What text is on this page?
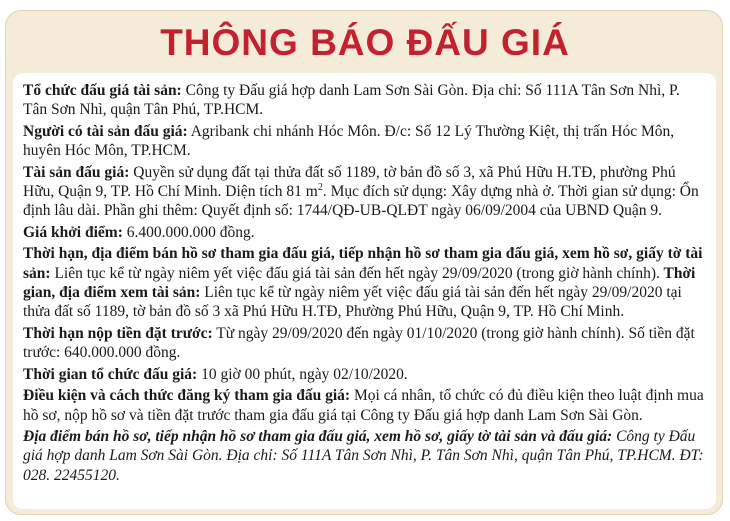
THÔNG BÁO ĐẤU GIÁ

Tổ chức đấu giá tài sản: Công ty Đấu giá hợp danh Lam Sơn Sài Gòn. Địa chỉ: Số 111A Tân Sơn Nhì, P. Tân Sơn Nhì, quận Tân Phú, TP.HCM.

Người có tài sản đấu giá: Agribank chi nhánh Hóc Môn. Đ/c: Số 12 Lý Thường Kiệt, thị trấn Hóc Môn, huyên Hóc Môn, TP.HCM.

Tài sản đấu giá: Quyền sử dụng đất tại thửa đất số 1189, tờ bản đồ số 3, xã Phú Hữu H.TĐ, phường Phú Hữu, Quận 9, TP. Hồ Chí Minh. Diện tích 81 $m^2$. Mục đích sử dụng: Xây dựng nhà ở. Thời gian sử dụng: Ổn định lâu dài. Phần ghi thêm: Quyết định số: 1744/QĐ-UB-QLĐT ngày 06/09/2004 của UBND Quận 9.

Giá khởi điểm: 6.400.000.000 đồng.

Thời hạn, địa điểm bán hồ sơ tham gia đấu giá, tiếp nhận hồ sơ tham gia đấu giá, xem hồ sơ, giấy tờ tài sản: Liên tục kể từ ngày niêm yết việc đấu giá tài sản đến hết ngày 29/09/2020 (trong giờ hành chính). Thời gian, địa điểm xem tài sản: Liên tục kể từ ngày niêm yết việc đấu giá tài sản đến hết ngày 29/09/2020 tại thửa đất số 1189, tờ bản đồ số 3 xã Phú Hữu H.TĐ, Phường Phú Hữu, Quận 9, TP. Hồ Chí Minh.

Thời hạn nộp tiền đặt trước: Từ ngày 29/09/2020 đến ngày 01/10/2020 (trong giờ hành chính). Số tiền đặt trước: 640.000.000 đồng.

Thời gian tổ chức đấu giá: 10 giờ 00 phút, ngày 02/10/2020.

Điều kiện và cách thức đăng ký tham gia đấu giá: Mọi cá nhân, tổ chức có đủ điều kiện theo luật định mua hồ sơ, nộp hồ sơ và tiền đặt trước tham gia đấu giá tại Công ty Đấu giá hợp danh Lam Sơn Sài Gòn.

Địa điểm bán hồ sơ, tiếp nhận hồ sơ tham gia đấu giá, xem hồ sơ, giấy tờ tài sản và đấu giá: Công ty Đấu giá hợp danh Lam Sơn Sài Gòn. Địa chỉ: Số 111A Tân Sơn Nhì, P. Tân Sơn Nhì, quận Tân Phú, TP.HCM. ĐT: 028. 22455120.
